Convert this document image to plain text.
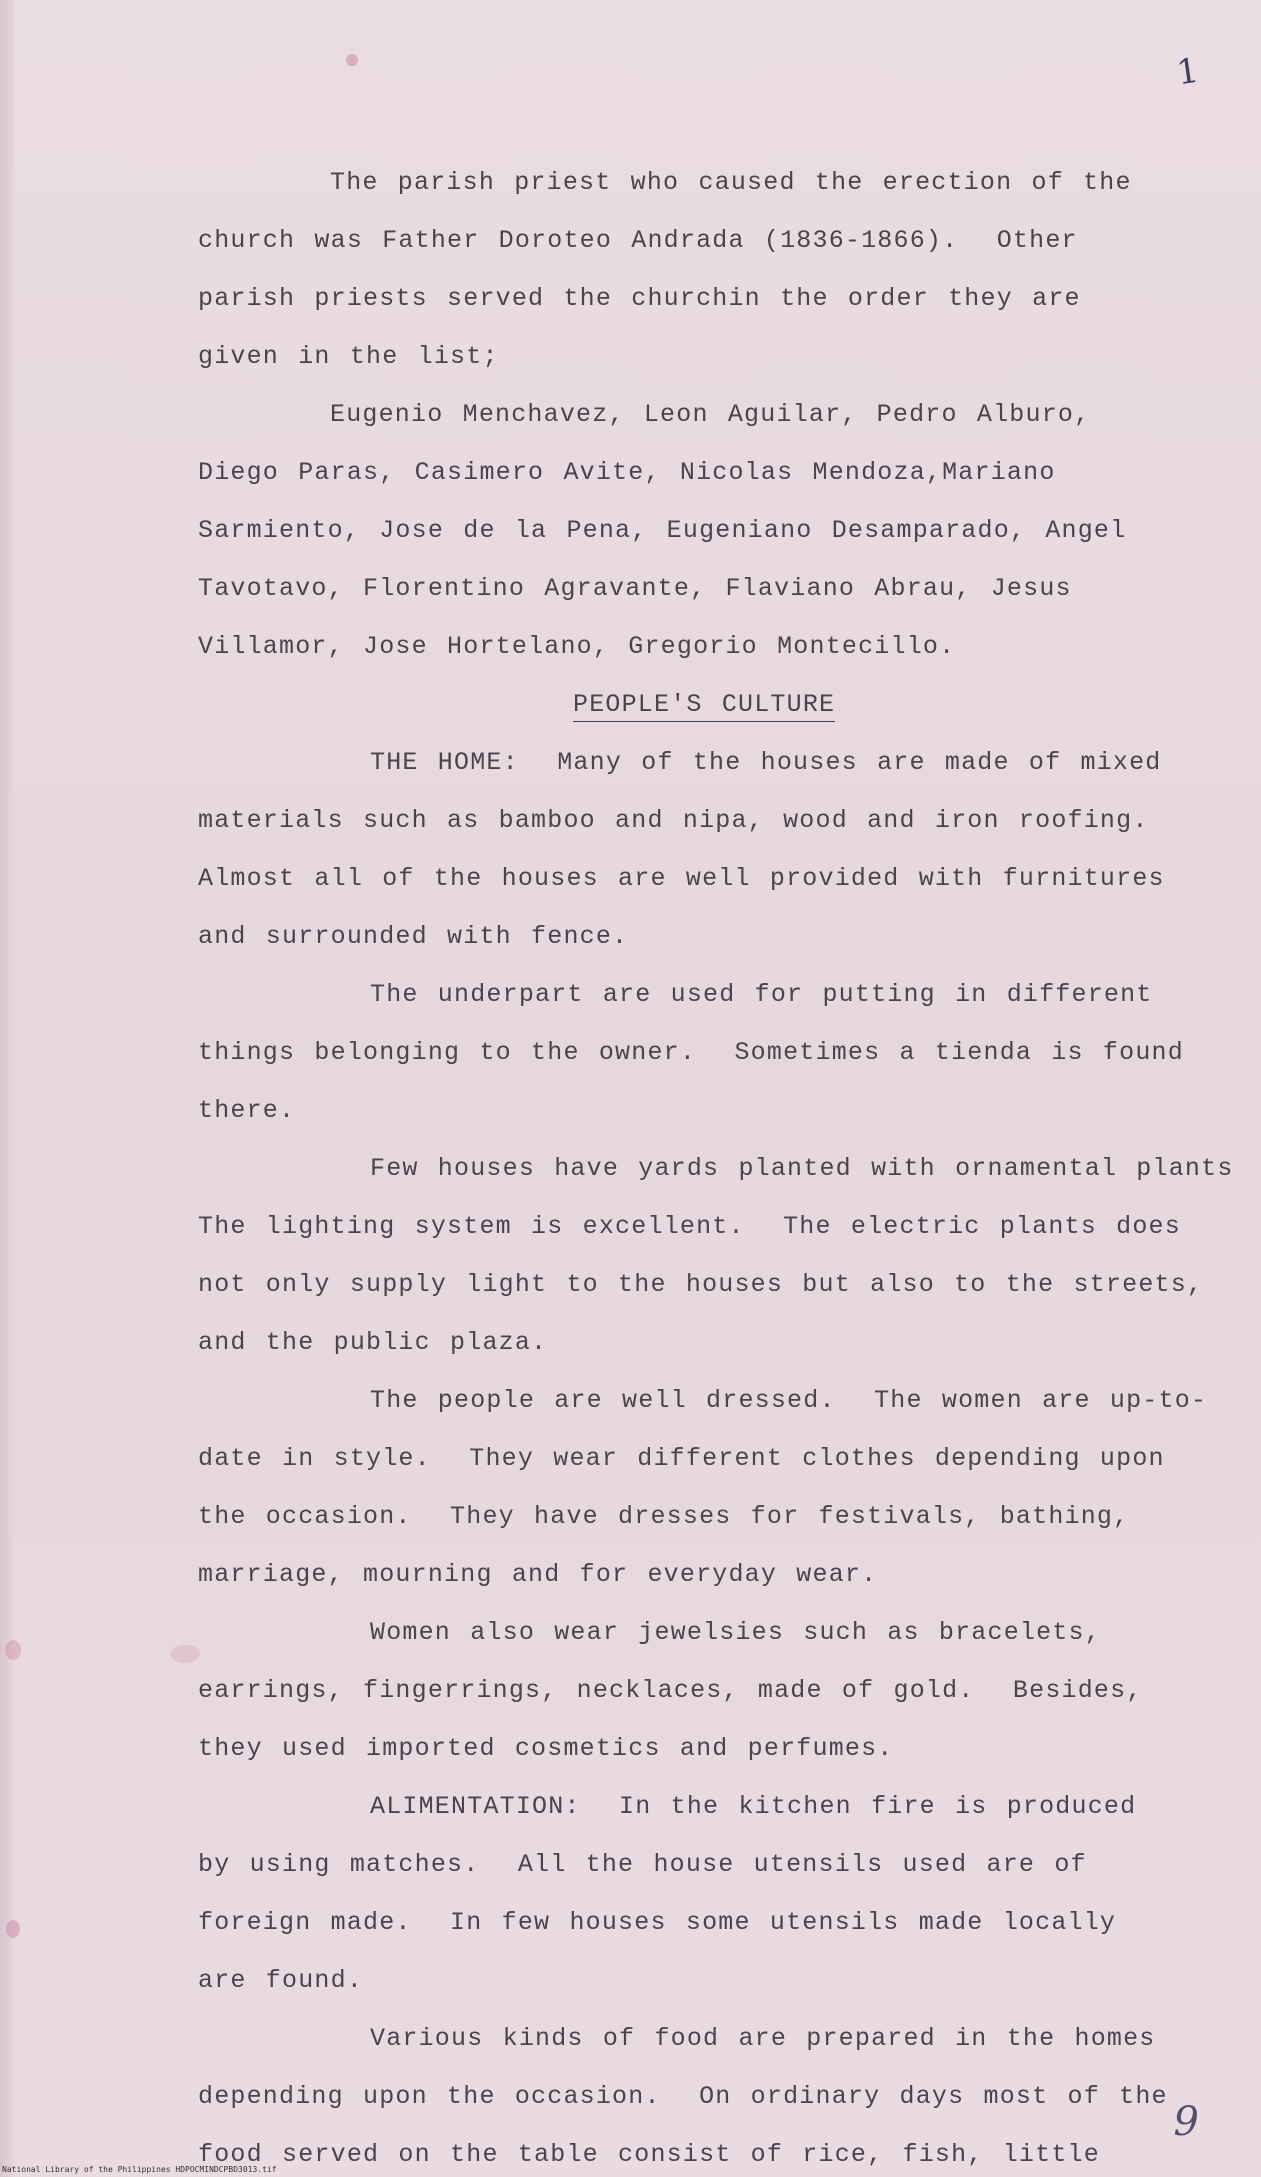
1
The parish priest who caused the erection of the
church was Father Doroteo Andrada (1836-1866).  Other
parish priests served the churchin the order they are
given in the list;
Eugenio Menchavez, Leon Aguilar, Pedro Alburo,
Diego Paras, Casimero Avite, Nicolas Mendoza,Mariano
Sarmiento, Jose de la Pena, Eugeniano Desamparado, Angel
Tavotavo, Florentino Agravante, Flaviano Abrau, Jesus
Villamor, Jose Hortelano, Gregorio Montecillo.
PEOPLE'S CULTURE
THE HOME:  Many of the houses are made of mixed
materials such as bamboo and nipa, wood and iron roofing.
Almost all of the houses are well provided with furnitures
and surrounded with fence.
The underpart are used for putting in different
things belonging to the owner.  Sometimes a tienda is found
there.
Few houses have yards planted with ornamental plants
The lighting system is excellent.  The electric plants does
not only supply light to the houses but also to the streets,
and the public plaza.
The people are well dressed.  The women are up-to-
date in style.  They wear different clothes depending upon
the occasion.  They have dresses for festivals, bathing,
marriage, mourning and for everyday wear.
Women also wear jewelsies such as bracelets,
earrings, fingerrings, necklaces, made of gold.  Besides,
they used imported cosmetics and perfumes.
ALIMENTATION:  In the kitchen fire is produced
by using matches.  All the house utensils used are of
foreign made.  In few houses some utensils made locally
are found.
Various kinds of food are prepared in the homes
depending upon the occasion.  On ordinary days most of the
food served on the table consist of rice, fish, little
9
National Library of the Philippines HDPOCMINDCPBD3013.tif
